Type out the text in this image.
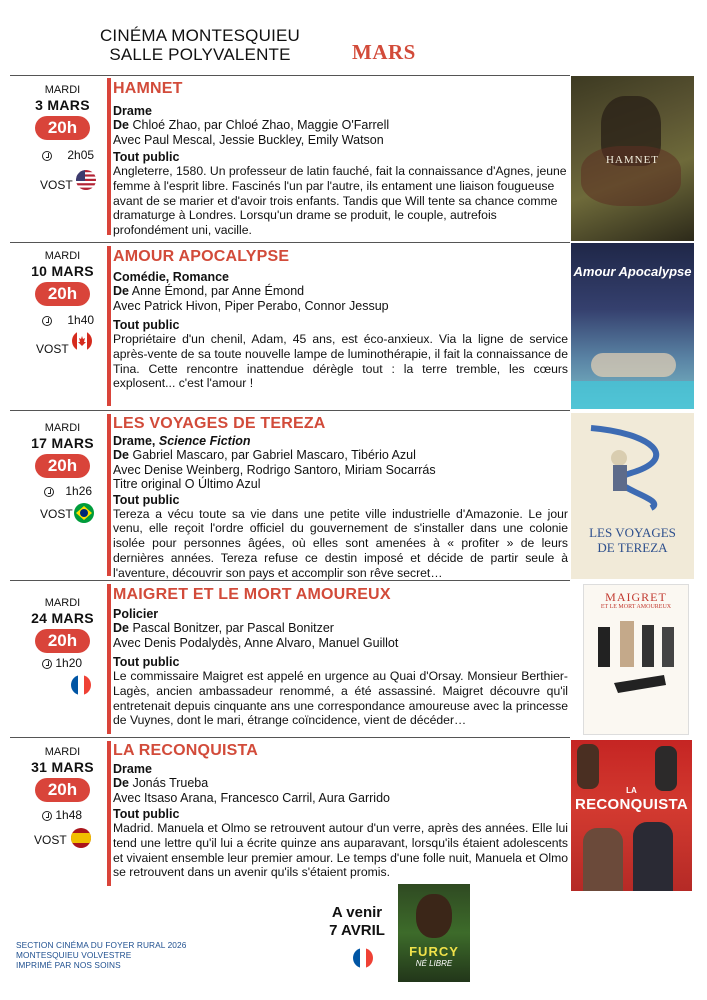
CINÉMA MONTESQUIEU
SALLE POLYVALENTE	MARS
MARDI
3 MARS
20h
2h05
VOST
HAMNET
Drame
De Chloé Zhao, par Chloé Zhao, Maggie O'Farrell
Avec Paul Mescal, Jessie Buckley, Emily Watson
Tout public
Angleterre, 1580. Un professeur de latin fauché, fait la connaissance d'Agnes, jeune femme à l'esprit libre. Fascinés l'un par l'autre, ils entament une liaison fougueuse avant de se marier et d'avoir trois enfants. Tandis que Will tente sa chance comme dramaturge à Londres. Lorsqu'un drame se produit, le couple, autrefois profondément uni, vacille.
HAMNET
MARDI
10 MARS
20h
1h40
VOST
AMOUR APOCALYPSE
Comédie, Romance
De Anne Émond, par Anne Émond
Avec Patrick Hivon, Piper Perabo, Connor Jessup
Tout public
Propriétaire d'un chenil, Adam, 45 ans, est éco-anxieux. Via la ligne de service après-vente de sa toute nouvelle lampe de luminothérapie, il fait la connaissance de Tina. Cette rencontre inattendue dérègle tout : la terre tremble, les cœurs explosent... c'est l'amour !
Amour Apocalypse
MARDI
17 MARS
20h
1h26
VOST
LES VOYAGES DE TEREZA
Drame, Science Fiction
De Gabriel Mascaro, par Gabriel Mascaro, Tibério Azul
Avec Denise Weinberg, Rodrigo Santoro, Miriam Socarrás
Titre original O Último Azul
Tout public
Tereza a vécu toute sa vie dans une petite ville industrielle d'Amazonie. Le jour venu, elle reçoit l'ordre officiel du gouvernement de s'installer dans une colonie isolée pour personnes âgées, où elles sont amenées à « profiter » de leurs dernières années. Tereza refuse ce destin imposé et décide de partir seule à l'aventure, découvrir son pays et accomplir son rêve secret…
LES VOYAGES
DE TEREZA
MARDI
24 MARS
20h
1h20
MAIGRET ET LE MORT AMOUREUX
Policier
De Pascal Bonitzer, par Pascal Bonitzer
Avec Denis Podalydès, Anne Alvaro, Manuel Guillot
Tout public
Le commissaire Maigret est appelé en urgence au Quai d'Orsay. Monsieur Berthier-Lagès, ancien ambassadeur renommé, a été assassiné. Maigret découvre qu'il entretenait depuis cinquante ans une correspondance amoureuse avec la princesse de Vuynes, dont le mari, étrange coïncidence, vient de décéder…
MAIGRET
ET LE MORT AMOUREUX
MARDI
31 MARS
20h
1h48
VOST
LA RECONQUISTA
Drame
De Jonás Trueba
Avec Itsaso Arana, Francesco Carril, Aura Garrido
Tout public
Madrid. Manuela et Olmo se retrouvent autour d'un verre, après des années. Elle lui tend une lettre qu'il lui a écrite quinze ans auparavant, lorsqu'ils étaient adolescents et vivaient ensemble leur premier amour. Le temps d'une folle nuit, Manuela et Olmo se retrouvent dans un avenir qu'ils s'étaient promis.
LA
RECONQUISTA
A venir
7 AVRIL
FURCY
NÉ LIBRE
SECTION CINÉMA DU FOYER RURAL 2026
MONTESQUIEU VOLVESTRE
IMPRIMÉ PAR NOS SOINS
